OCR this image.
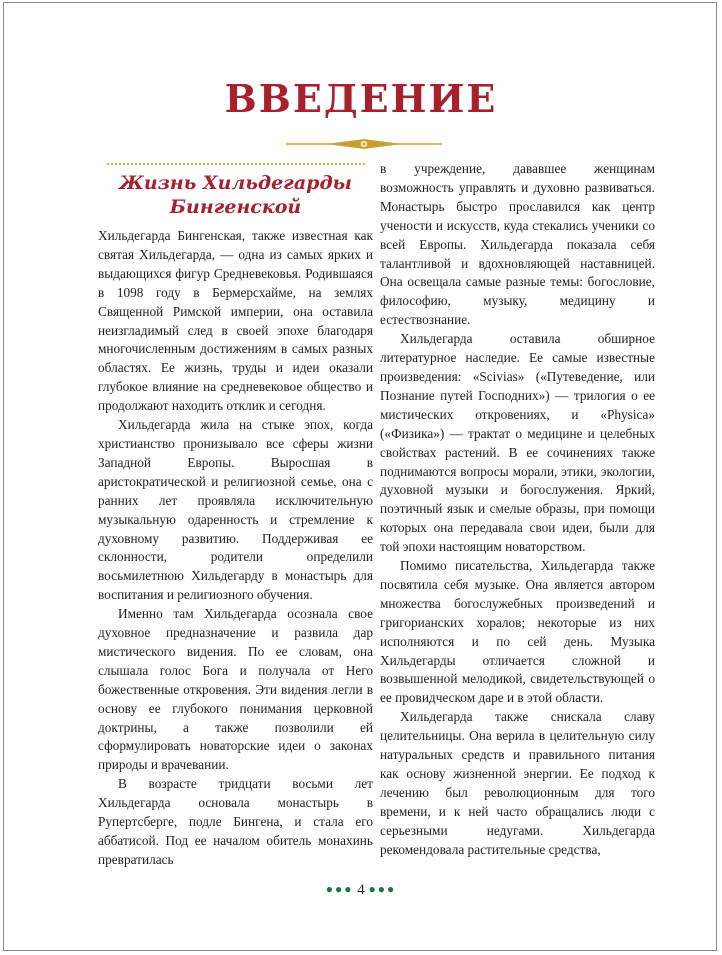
ВВЕДЕНИЕ
Жизнь Хильдегарды Бингенской

Хильдегарда Бингенская, также известная как святая Хильдегарда, — одна из самых ярких и выдающихся фигур Средневековья. Родившаяся в 1098 году в Бермерсхайме, на землях Священной Римской империи, она оставила неизгладимый след в своей эпохе благодаря многочисленным достижениям в самых разных областях. Ее жизнь, труды и идеи оказали глубокое влияние на средневековое общество и продолжают находить отклик и сегодня.

Хильдегарда жила на стыке эпох, когда христианство пронизывало все сферы жизни Западной Европы. Выросшая в аристократической и религиозной семье, она с ранних лет проявляла исключительную музыкальную одаренность и стремление к духовному развитию. Поддерживая ее склонности, родители определили восьмилетнюю Хильдегарду в монастырь для воспитания и религиозного обучения.

Именно там Хильдегарда осознала свое духовное предназначение и развила дар мистического видения. По ее словам, она слышала голос Бога и получала от Него божественные откровения. Эти видения легли в основу ее глубокого понимания церковной доктрины, а также позволили ей сформулировать новаторские идеи о законах природы и врачевании.

В возрасте тридцати восьми лет Хильдегарда основала монастырь в Рупертсберге, подле Бингена, и стала его аббатисой. Под ее началом обитель монахинь превратилась

в учреждение, дававшее женщинам возможность управлять и духовно развиваться. Монастырь быстро прославился как центр учености и искусств, куда стекались ученики со всей Европы. Хильдегарда показала себя талантливой и вдохновляющей наставницей. Она освещала самые разные темы: богословие, философию, музыку, медицину и естествознание.

Хильдегарда оставила обширное литературное наследие. Ее самые известные произведения: «Scivias» («Путеведение, или Познание путей Господних») — трилогия о ее мистических откровениях, и «Physica» («Физика») — трактат о медицине и целебных свойствах растений. В ее сочинениях также поднимаются вопросы морали, этики, экологии, духовной музыки и богослужения. Яркий, поэтичный язык и смелые образы, при помощи которых она передавала свои идеи, были для той эпохи настоящим новаторством.

Помимо писательства, Хильдегарда также посвятила себя музыке. Она является автором множества богослужебных произведений и григорианских хоралов; некоторые из них исполняются и по сей день. Музыка Хильдегарды отличается сложной и возвышенной мелодикой, свидетельствующей о ее провидческом даре и в этой области.

Хильдегарда также снискала славу целительницы. Она верила в целительную силу натуральных средств и правильного питания как основу жизненной энергии. Ее подход к лечению был революционным для того времени, и к ней часто обращались люди с серьезными недугами. Хильдегарда рекомендовала растительные средства,

●●● 4 ●●●
